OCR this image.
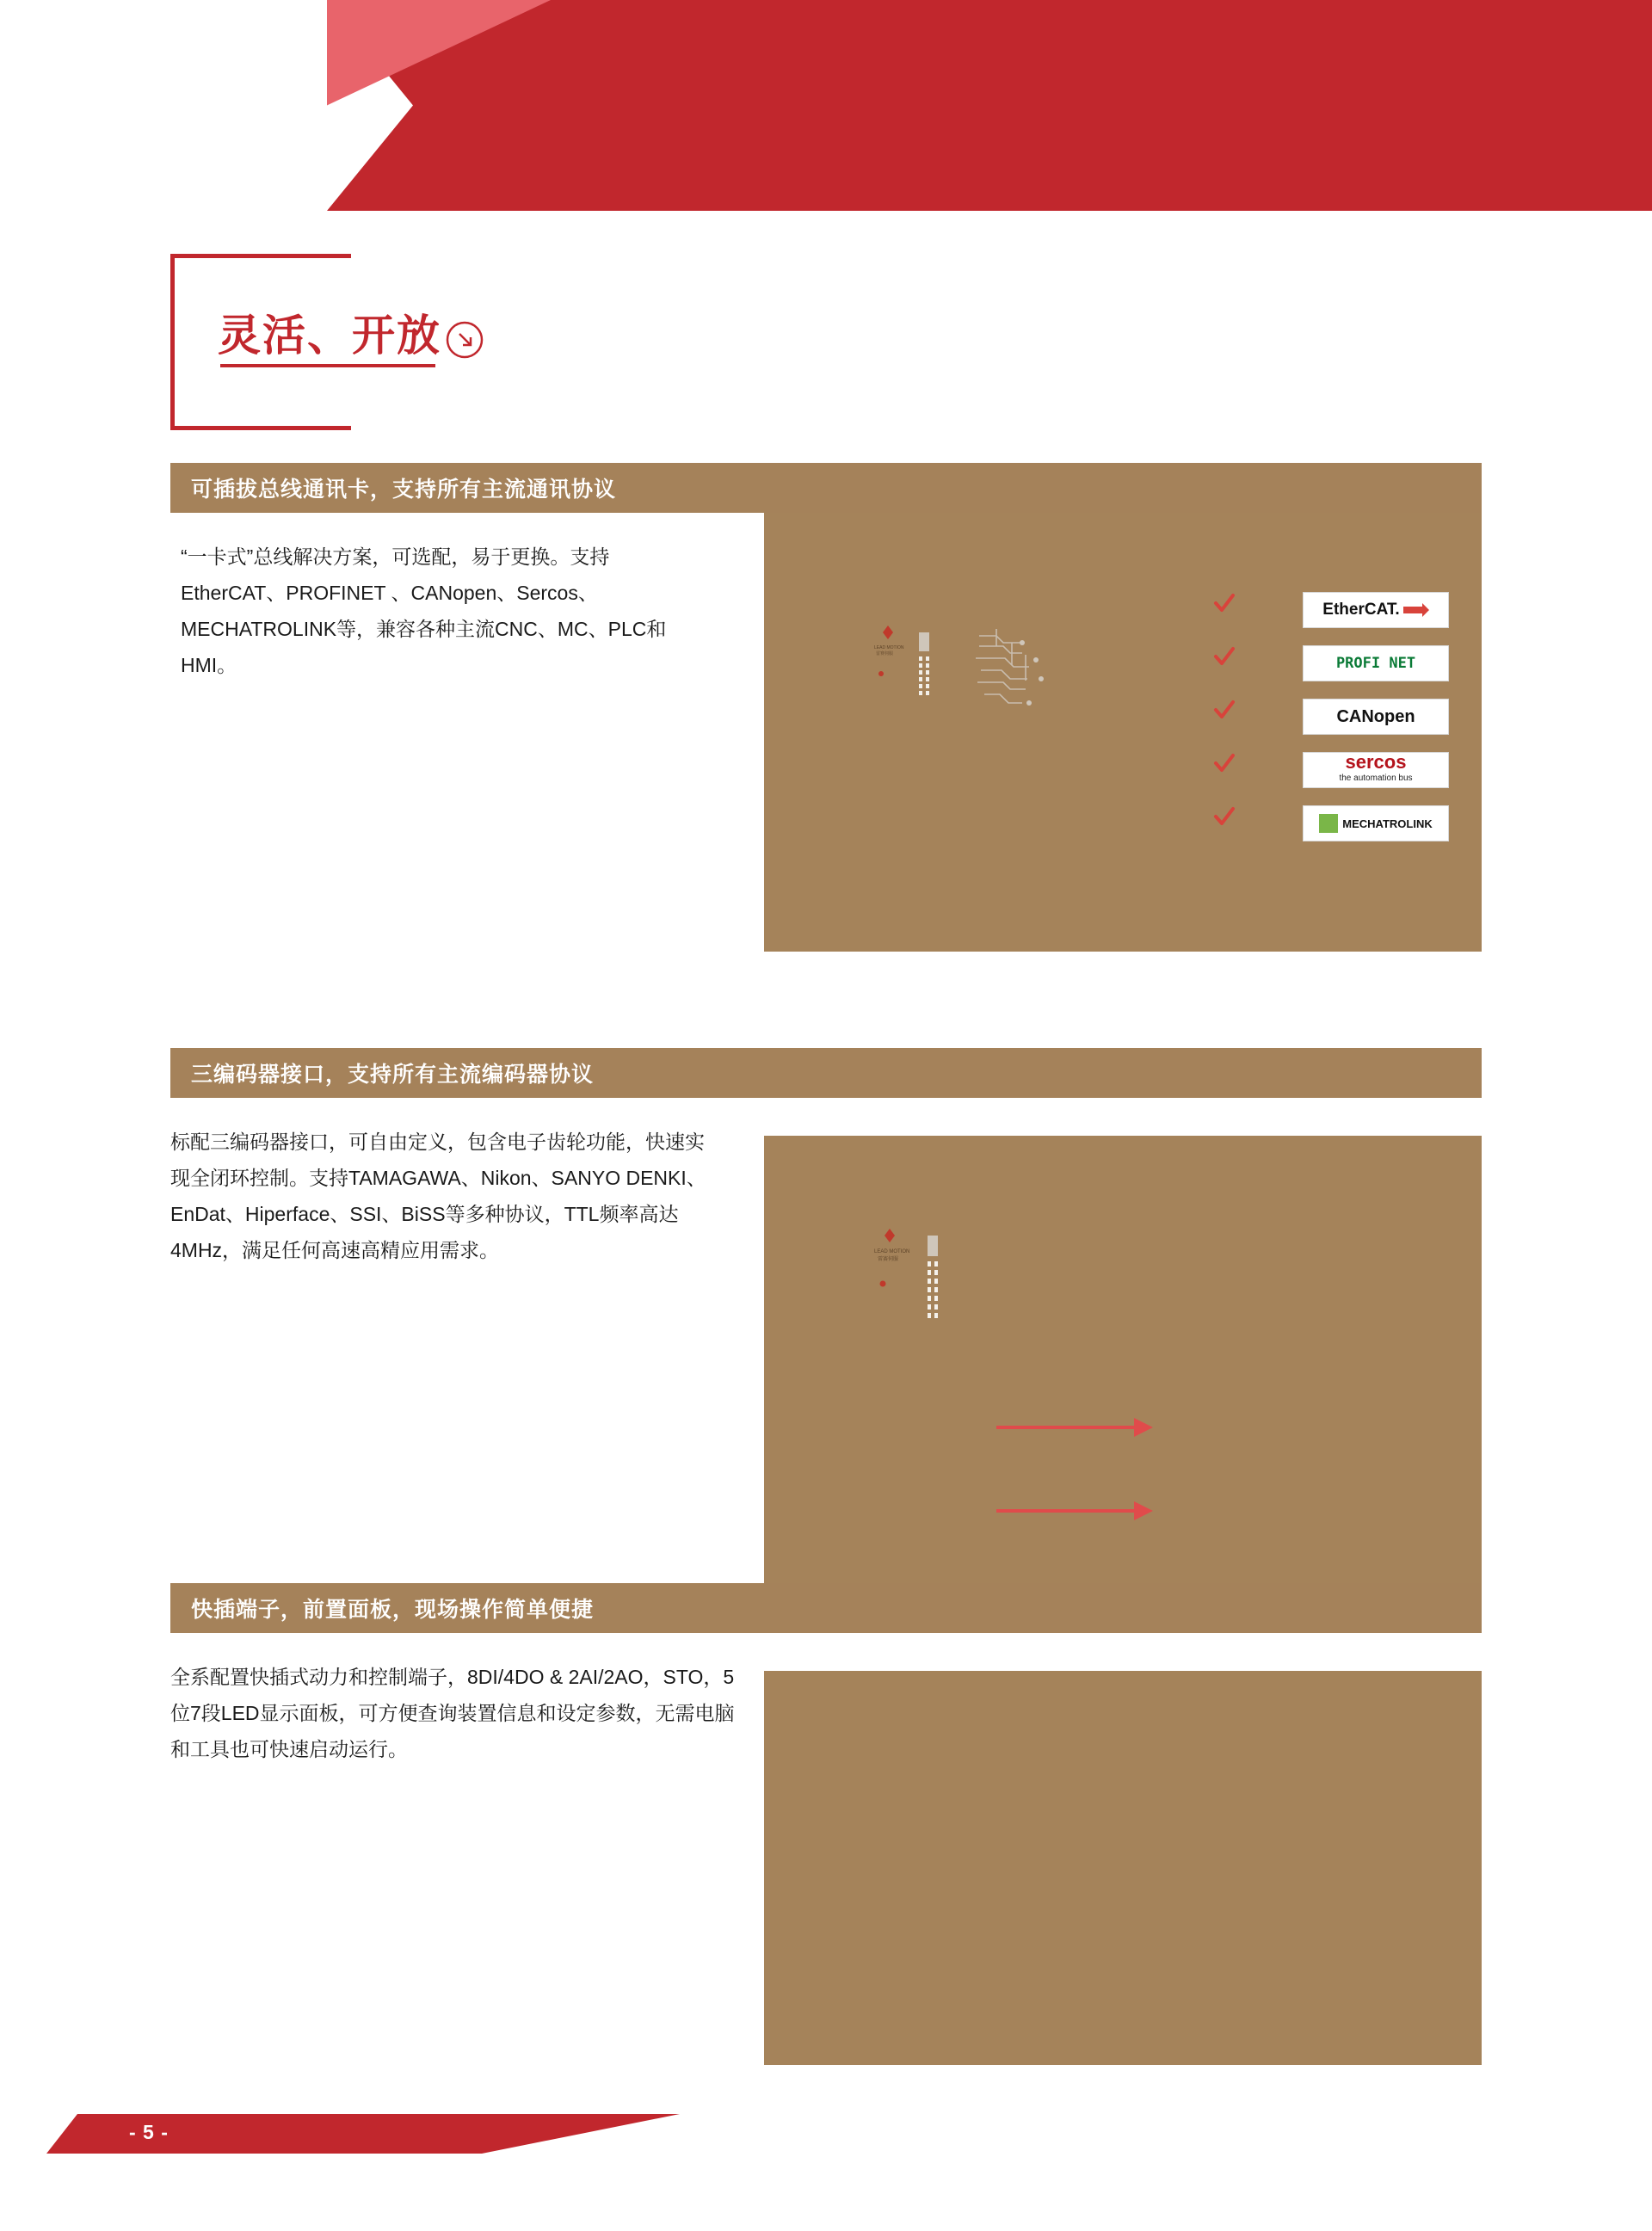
灵活、开放
可插拔总线通讯卡，支持所有主流通讯协议
“一卡式”总线解决方案，可选配，易于更换。支持EtherCAT、PROFINET 、CANopen、Sercos、MECHATROLINK等，兼容各种主流CNC、MC、PLC和HMI。
LEAD MOTION
雷赛伺服
EtherCAT.
PROFI NET
CANopen
sercos
the automation bus
MECHATROLINK
三编码器接口，支持所有主流编码器协议
标配三编码器接口，可自由定义，包含电子齿轮功能，快速实现全闭环控制。支持TAMAGAWA、Nikon、SANYO DENKI、EnDat、Hiperface、SSI、BiSS等多种协议，TTL频率高达4MHz，满足任何高速高精应用需求。	LEAD MOTION
雷赛伺服
快插端子，前置面板，现场操作简单便捷
全系配置快插式动力和控制端子，8DI/4DO & 2AI/2AO，STO，5位7段LED显示面板，可方便查询装置信息和设定参数，无需电脑和工具也可快速启动运行。
- 5 -
